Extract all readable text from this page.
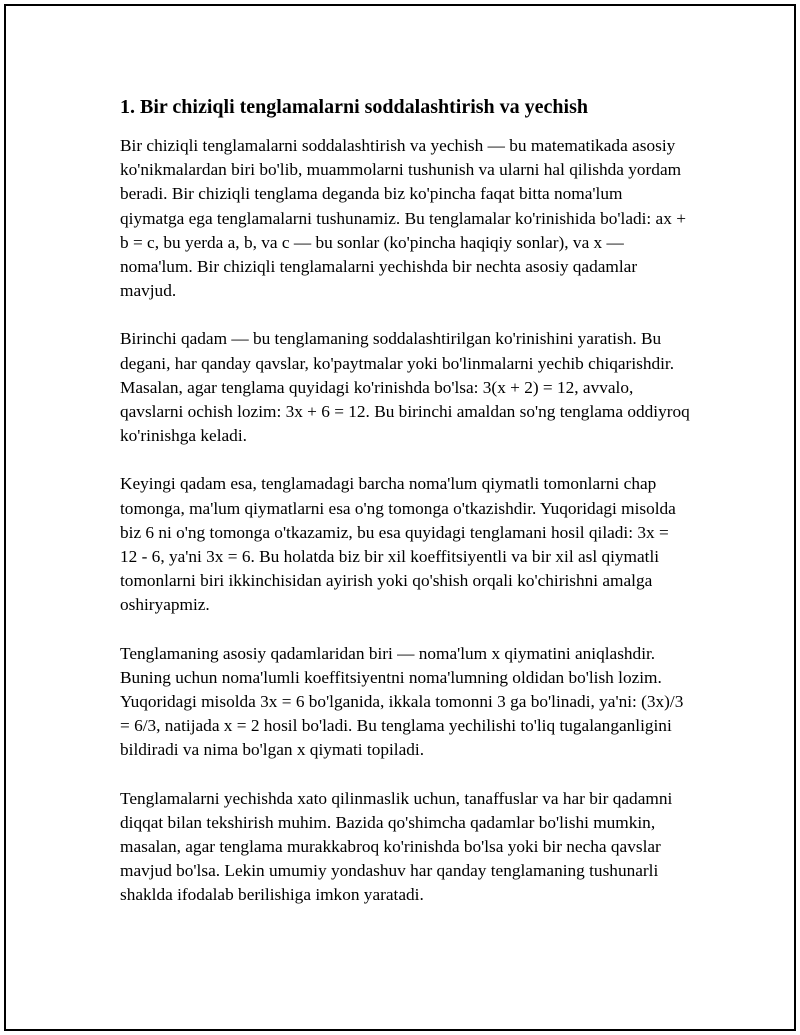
1. Bir chiziqli tenglamalarni soddalashtirish va yechish

Bir chiziqli tenglamalarni soddalashtirish va yechish — bu matematikada asosiy ko'nikmalardan biri bo'lib, muammolarni tushunish va ularni hal qilishda yordam beradi. Bir chiziqli tenglama deganda biz ko'pincha faqat bitta noma'lum qiymatga ega tenglamalarni tushunamiz. Bu tenglamalar ko'rinishida bo'ladi: ax + b = c, bu yerda a, b, va c — bu sonlar (ko'pincha haqiqiy sonlar), va x — noma'lum. Bir chiziqli tenglamalarni yechishda bir nechta asosiy qadamlar mavjud.

Birinchi qadam — bu tenglamaning soddalashtirilgan ko'rinishini yaratish. Bu degani, har qanday qavslar, ko'paytmalar yoki bo'linmalarni yechib chiqarishdir. Masalan, agar tenglama quyidagi ko'rinishda bo'lsa: 3(x + 2) = 12, avvalo, qavslarni ochish lozim: 3x + 6 = 12. Bu birinchi amaldan so'ng tenglama oddiyroq ko'rinishga keladi.

Keyingi qadam esa, tenglamadagi barcha noma'lum qiymatli tomonlarni chap tomonga, ma'lum qiymatlarni esa o'ng tomonga o'tkazishdir. Yuqoridagi misolda biz 6 ni o'ng tomonga o'tkazamiz, bu esa quyidagi tenglamani hosil qiladi: 3x = 12 - 6, ya'ni 3x = 6. Bu holatda biz bir xil koeffitsiyentli va bir xil asl qiymatli tomonlarni biri ikkinchisidan ayirish yoki qo'shish orqali ko'chirishni amalga oshiryapmiz.

Tenglamaning asosiy qadamlaridan biri — noma'lum x qiymatini aniqlashdir. Buning uchun noma'lumli koeffitsiyentni noma'lumning oldidan bo'lish lozim. Yuqoridagi misolda 3x = 6 bo'lganida, ikkala tomonni 3 ga bo'linadi, ya'ni: (3x)/3 = 6/3, natijada x = 2 hosil bo'ladi. Bu tenglama yechilishi to'liq tugalanganligini bildiradi va nima bo'lgan x qiymati topiladi.

Tenglamalarni yechishda xato qilinmaslik uchun, tanaffuslar va har bir qadamni diqqat bilan tekshirish muhim. Bazida qo'shimcha qadamlar bo'lishi mumkin, masalan, agar tenglama murakkabroq ko'rinishda bo'lsa yoki bir necha qavslar mavjud bo'lsa. Lekin umumiy yondashuv har qanday tenglamaning tushunarli shaklda ifodalab berilishiga imkon yaratadi.
